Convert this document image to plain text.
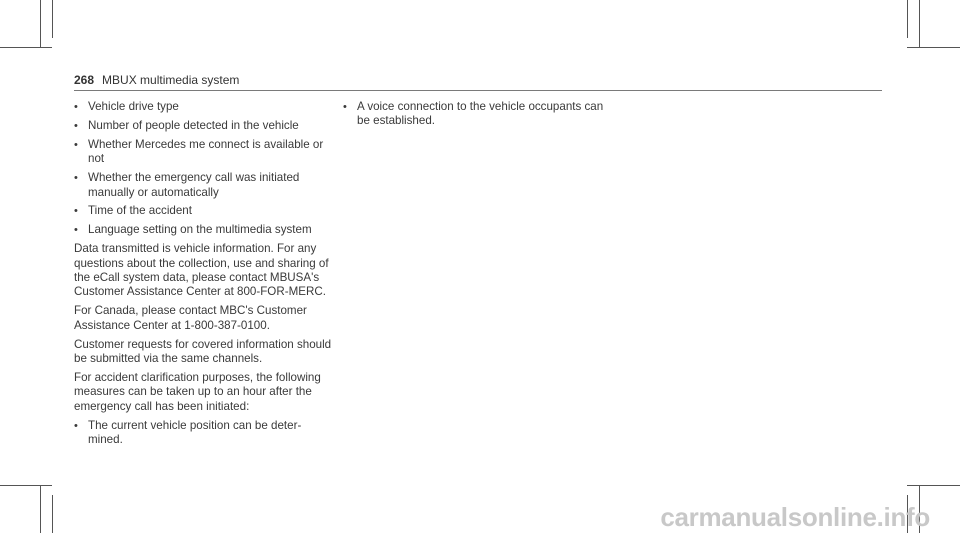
268 MBUX multimedia system
• Vehicle drive type
• Number of people detected in the vehicle
• Whether Mercedes me connect is available or not
• Whether the emergency call was initiated manually or automatically
• Time of the accident
• Language setting on the multimedia system

Data transmitted is vehicle information. For any questions about the collection, use and sharing of the eCall system data, please contact MBUSA's Customer Assistance Center at 800-FOR-MERC.

For Canada, please contact MBC's Customer Assistance Center at 1-800-387-0100.

Customer requests for covered information should be submitted via the same channels.

For accident clarification purposes, the following measures can be taken up to an hour after the emergency call has been initiated:

• The current vehicle position can be deter- mined.
• A voice connection to the vehicle occupants can be established.
carmanualsonline.info
